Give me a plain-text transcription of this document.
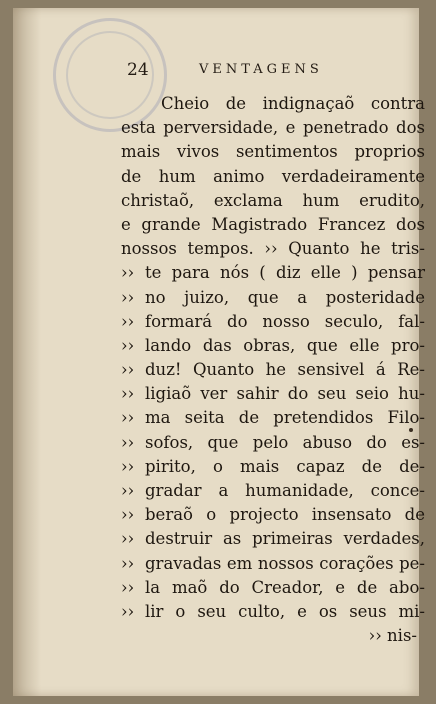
24	VENTAGENS
Cheio de indignaçaõ contra
esta perversidade, e penetrado dos
mais vivos sentimentos proprios
de hum animo verdadeiramente
christaõ, exclama hum erudito,
e grande Magistrado Francez dos
nossos tempos. ›› Quanto he tris-
›› te para nós ( diz elle ) pensar
›› no juizo, que a posteridade
›› formará do nosso seculo, fal-
›› lando das obras, que elle pro-
›› duz! Quanto he sensivel á Re-
›› ligiaõ ver sahir do seu seio hu-
›› ma seita de pretendidos Filo-
›› sofos, que pelo abuso do es-
›› pirito, o mais capaz de de-
›› gradar a humanidade, conce-
›› beraõ o projecto insensato de
›› destruir as primeiras verdades,
›› gravadas em nossos corações pe-
›› la maõ do Creador, e de abo-
›› lir o seu culto, e os seus mi-
›› nis-
